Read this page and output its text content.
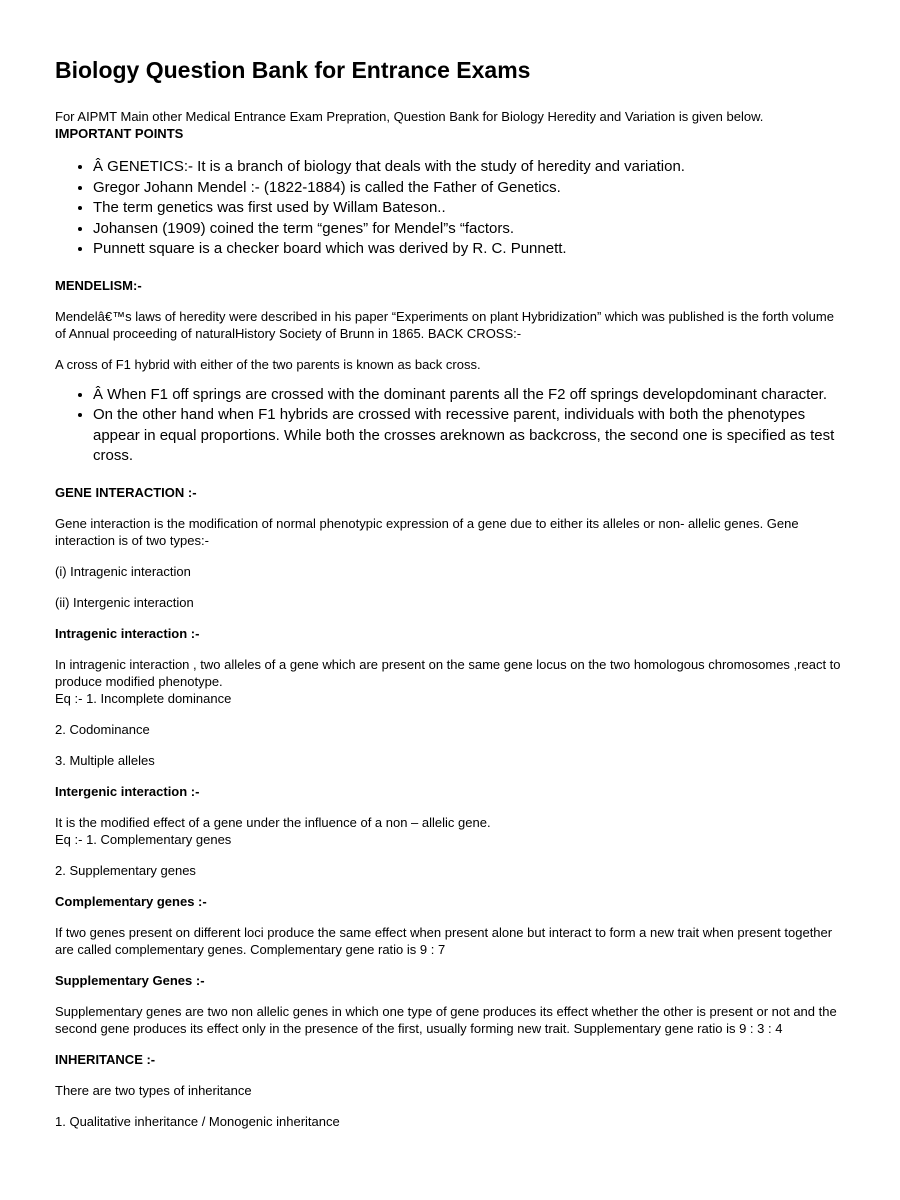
Biology Question Bank for Entrance Exams

For AIPMT Main other Medical Entrance Exam Prepration, Question Bank for Biology Heredity and Variation is given below.

IMPORTANT POINTS

• Â GENETICS:- It is a branch of biology that deals with the study of heredity and variation.
• Gregor Johann Mendel :- (1822-1884) is called the Father of Genetics.
• The term genetics was first used by Willam Bateson..
• Johansen (1909) coined the term “genes” for Mendel”s “factors.
• Punnett square is a checker board which was derived by R. C. Punnett.

MENDELISM:-

Mendelâ€™s laws of heredity were described in his paper “Experiments on plant Hybridization” which was published is the forth volume of Annual proceeding of naturalHistory Society of Brunn in 1865. BACK CROSS:-

A cross of F1 hybrid with either of the two parents is known as back cross.

• Â When F1 off springs are crossed with the dominant parents all the F2 off springs developdominant character.
• On the other hand when F1 hybrids are crossed with recessive parent, individuals with both the phenotypes appear in equal proportions. While both the crosses areknown as backcross, the second one is specified as test cross.

GENE INTERACTION :-

Gene interaction is the modification of normal phenotypic expression of a gene due to either its alleles or non- allelic genes. Gene interaction is of two types:-

(i) Intragenic interaction

(ii) Intergenic interaction

Intragenic interaction :-

In intragenic interaction , two alleles of a gene which are present on the same gene locus on the two homologous chromosomes ,react to produce modified phenotype.

Eq :- 1. Incomplete dominance

2. Codominance

3. Multiple alleles

Intergenic interaction :-

It is the modified effect of a gene under the influence of a non – allelic gene.

Eq :- 1. Complementary genes

2. Supplementary genes

Complementary genes :-

If two genes present on different loci produce the same effect when present alone but interact to form a new trait when present together are called complementary genes. Complementary gene ratio is 9 : 7

Supplementary Genes :-

Supplementary genes are two non allelic genes in which one type of gene produces its effect whether the other is present or not and the second gene produces its effect only in the presence of the first, usually forming new trait. Supplementary gene ratio is 9 : 3 : 4

INHERITANCE :-

There are two types of inheritance

1. Qualitative inheritance / Monogenic inheritance
